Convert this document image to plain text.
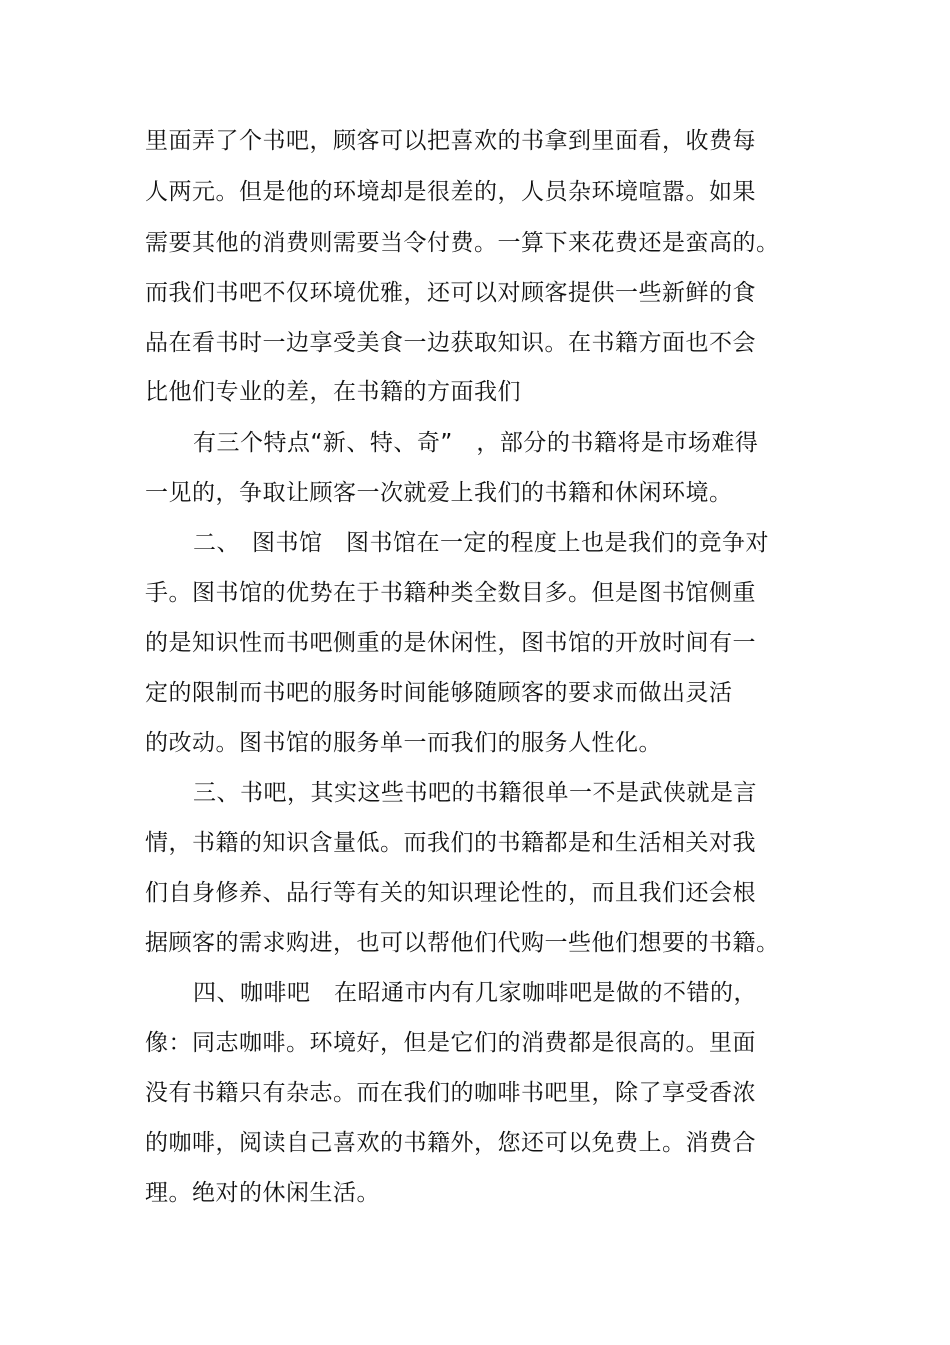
里面弄了个书吧，顾客可以把喜欢的书拿到里面看，收费每
人两元。但是他的环境却是很差的，人员杂环境喧嚣。如果
需要其他的消费则需要当令付费。一算下来花费还是蛮高的。
而我们书吧不仅环境优雅，还可以对顾客提供一些新鲜的食
品在看书时一边享受美食一边获取知识。在书籍方面也不会
比他们专业的差，在书籍的方面我们
有三个特点“新、特、奇”　，部分的书籍将是市场难得
一见的，争取让顾客一次就爱上我们的书籍和休闲环境。
二、　图书馆　图书馆在一定的程度上也是我们的竞争对
手。图书馆的优势在于书籍种类全数目多。但是图书馆侧重
的是知识性而书吧侧重的是休闲性，图书馆的开放时间有一
定的限制而书吧的服务时间能够随顾客的要求而做出灵活
的改动。图书馆的服务单一而我们的服务人性化。
三、书吧，其实这些书吧的书籍很单一不是武侠就是言
情，书籍的知识含量低。而我们的书籍都是和生活相关对我
们自身修养、品行等有关的知识理论性的，而且我们还会根
据顾客的需求购进，也可以帮他们代购一些他们想要的书籍。
四、咖啡吧　在昭通市内有几家咖啡吧是做的不错的，
像：同志咖啡。环境好，但是它们的消费都是很高的。里面
没有书籍只有杂志。而在我们的咖啡书吧里，除了享受香浓
的咖啡，阅读自己喜欢的书籍外，您还可以免费上。消费合
理。绝对的休闲生活。
